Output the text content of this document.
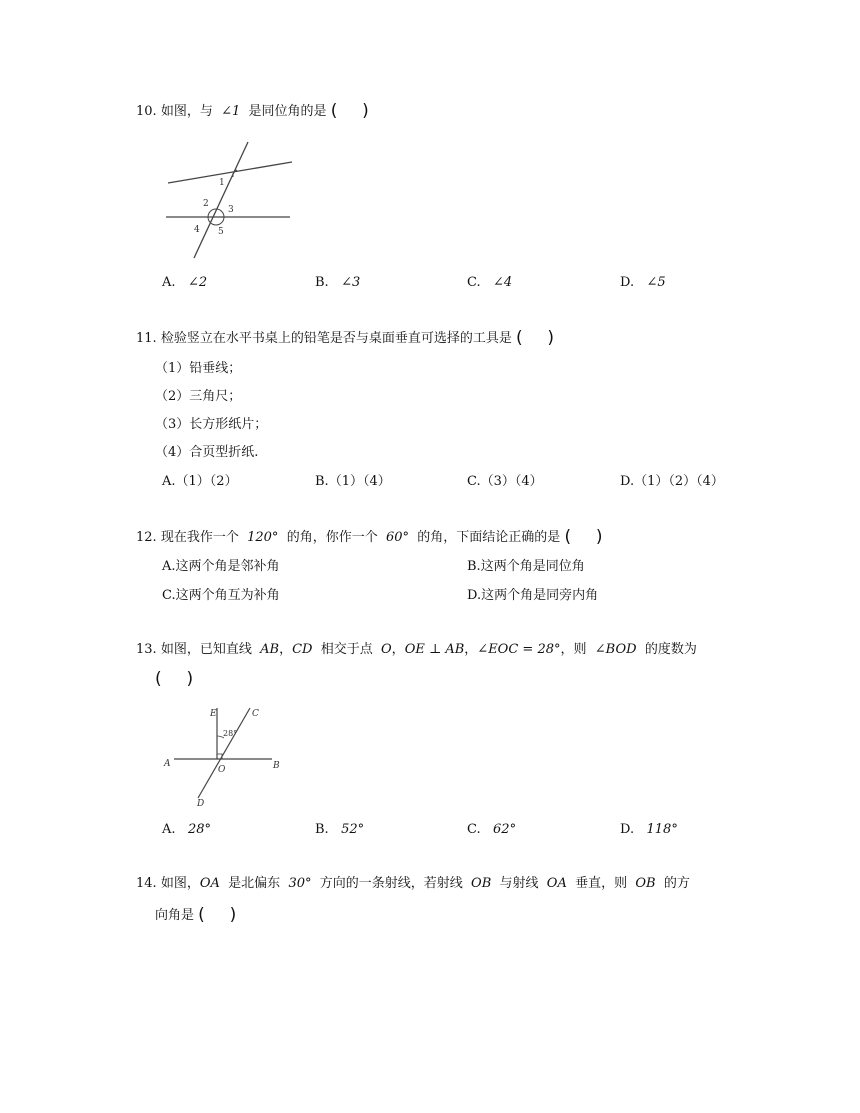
10. 如图，与 ∠1 是同位角的是 ( )
1
2
3
4 5
A. ∠2	B. ∠3	C. ∠4	D. ∠5
11. 检验竖立在水平书桌上的铅笔是否与桌面垂直可选择的工具是 ( )
（1）铅垂线；
（2）三角尺；
（3）长方形纸片；
（4）合页型折纸.
A.（1）（2）	B.（1）（4）	C.（3）（4）	D.（1）（2）（4）
12. 现在我作一个 120° 的角，你作一个 60° 的角，下面结论正确的是 ( )
A.这两个角是邻补角	B.这两个角是同位角
C.这两个角互为补角	D.这两个角是同旁内角
13. 如图，已知直线 AB，CD 相交于点 O，OE ⊥ AB，∠EOC = 28°，则 ∠BOD 的度数为
( )
E	C
28°
A
O	B
D
A. 28°	B. 52°	C. 62°	D. 118°
14. 如图，OA 是北偏东 30° 方向的一条射线，若射线 OB 与射线 OA 垂直，则 OB 的方
向角是 ( )
